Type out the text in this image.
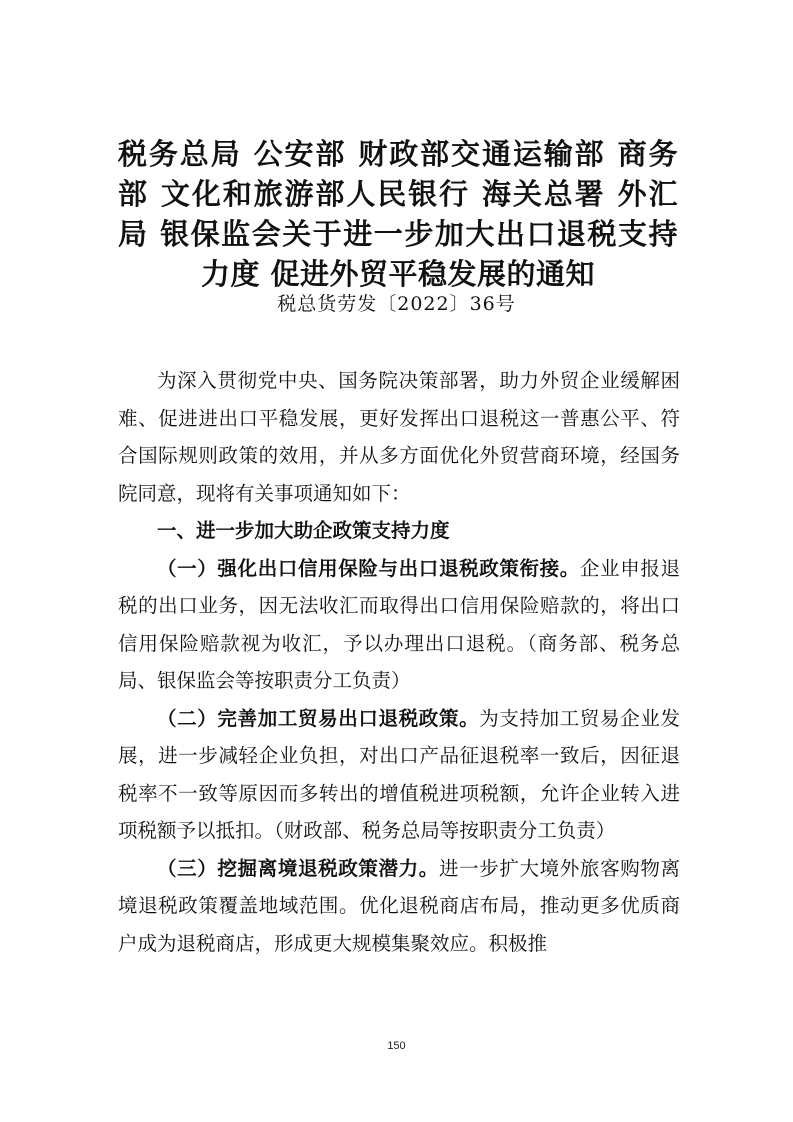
税务总局 公安部 财政部交通运输部 商务部 文化和旅游部人民银行 海关总署 外汇局 银保监会关于进一步加大出口退税支持力度 促进外贸平稳发展的通知
税总货劳发〔2022〕36号

为深入贯彻党中央、国务院决策部署，助力外贸企业缓解困难、促进进出口平稳发展，更好发挥出口退税这一普惠公平、符合国际规则政策的效用，并从多方面优化外贸营商环境，经国务院同意，现将有关事项通知如下：

一、进一步加大助企政策支持力度

（一）强化出口信用保险与出口退税政策衔接。企业申报退税的出口业务，因无法收汇而取得出口信用保险赔款的，将出口信用保险赔款视为收汇，予以办理出口退税。（商务部、税务总局、银保监会等按职责分工负责）

（二）完善加工贸易出口退税政策。为支持加工贸易企业发展，进一步减轻企业负担，对出口产品征退税率一致后，因征退税率不一致等原因而多转出的增值税进项税额，允许企业转入进项税额予以抵扣。（财政部、税务总局等按职责分工负责）

（三）挖掘离境退税政策潜力。进一步扩大境外旅客购物离境退税政策覆盖地域范围。优化退税商店布局，推动更多优质商户成为退税商店，形成更大规模集聚效应。积极推

150
